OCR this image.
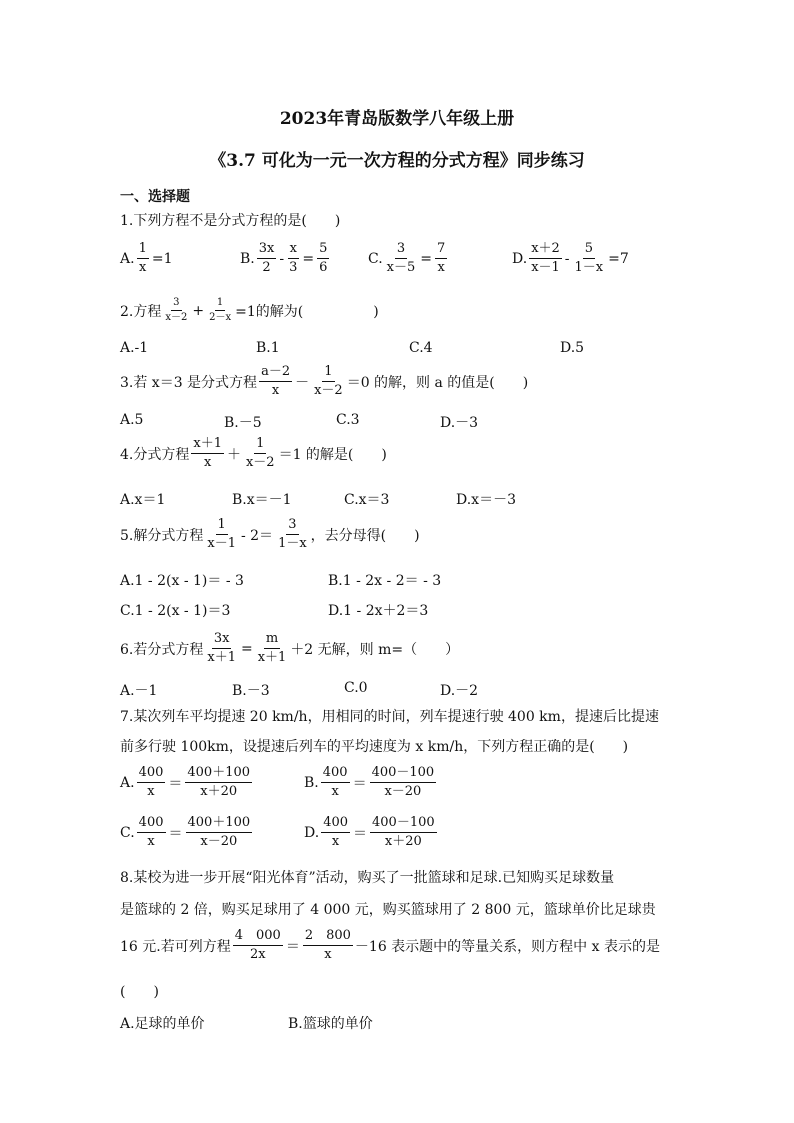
2023年青岛版数学八年级上册
《3.7 可化为一元一次方程的分式方程》同步练习
一、选择题
1.下列方程不是分式方程的是(　　)
A. $\frac{1}{x} =1$	B. $\frac{3x}{2} - \frac{x}{3} = \frac{5}{6}$	C. $\frac{3}{x-5} = \frac{7}{x}$	D. $\frac{x+2}{x-1} - \frac{5}{1-x} =7$
2.方程 $\frac{3}{x-2} + \frac{1}{2-x} =1$的解为(　　　　　)
A.-1	B.1	C.4	D.5
3.若 x＝3 是分式方程 $\frac{a-2}{x} - \frac{1}{x-2} =0$ 的解，则 a 的值是(　　)
A.5	B.－5	C.3	D.－3
4.分式方程 $\frac{x+1}{x} + \frac{1}{x-2} =1$ 的解是(　　)
A.x＝1	B.x＝－1	C.x＝3	D.x＝－3
5.解分式方程 $\frac{1}{x-1} - 2= \frac{3}{1-x}$ ，去分母得(　　)
A.1 - 2(x - 1)＝ - 3	B.1 - 2x - 2＝ - 3
C.1 - 2(x - 1)＝3	D.1 - 2x＋2＝3
6.若分式方程 $\frac{3x}{x+1} = \frac{m}{x+1} +2$ 无解，则 m=（　　）
A.－1	B.－3	C.0	D.－2
7.某次列车平均提速 20 km/h，用相同的时间，列车提速行驶 400 km，提速后比提速
前多行驶 100km，设提速后列车的平均速度为 x km/h，下列方程正确的是(　　)
A. $\frac{400}{x} = \frac{400+100}{x+20}$	B. $\frac{400}{x} = \frac{400-100}{x-20}$
C. $\frac{400}{x} = \frac{400+100}{x-20}$	D. $\frac{400}{x} = \frac{400-100}{x+20}$
8.某校为进一步开展“阳光体育”活动，购买了一批篮球和足球.已知购买足球数量
是篮球的 2 倍，购买足球用了 4 000 元，购买篮球用了 2 800 元，篮球单价比足球贵
16 元.若可列方程 $\frac{4 000}{2x} = \frac{2 800}{x} -16$ 表示题中的等量关系，则方程中 x 表示的是
(　　)
A.足球的单价	B.篮球的单价
